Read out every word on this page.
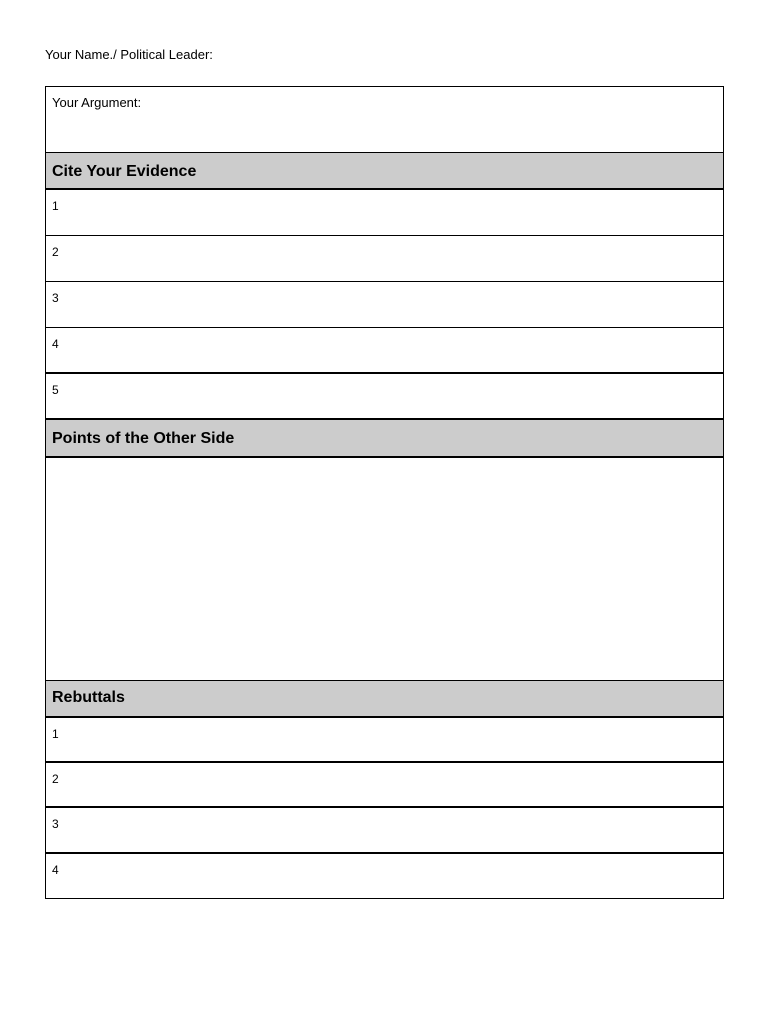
Your Name./ Political Leader:
Your Argument:
Cite Your Evidence
1
2
3
4
5
Points of the Other Side
Rebuttals
1
2
3
4
